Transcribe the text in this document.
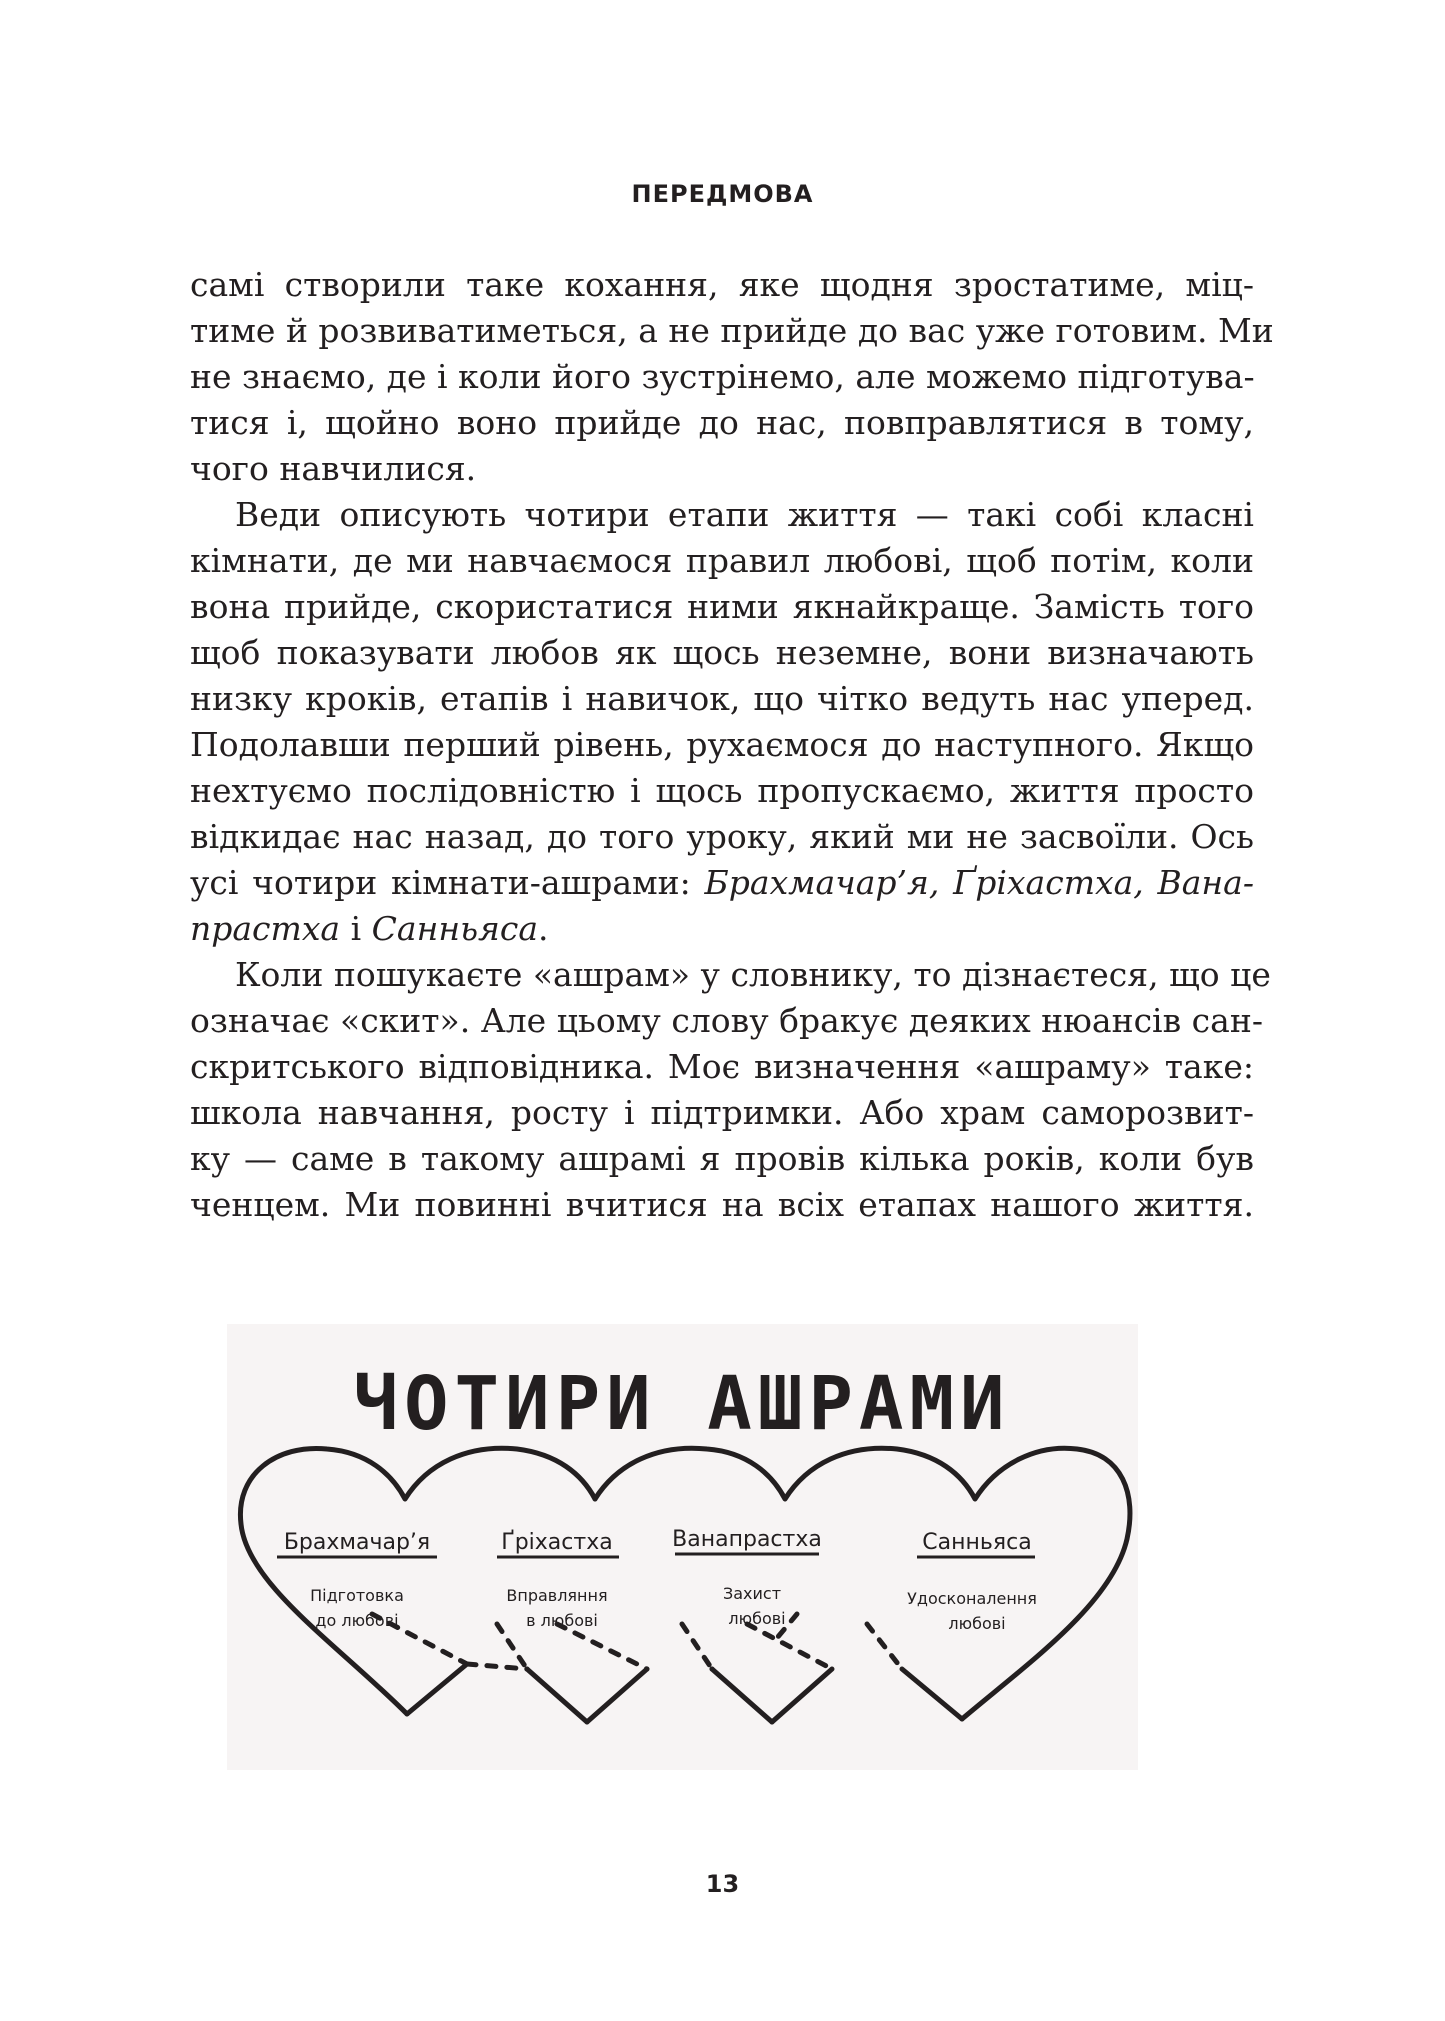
ПЕРЕДМОВА

самі створили таке кохання, яке щодня зростатиме, міц-
тиме й розвиватиметься, а не прийде до вас уже готовим. Ми
не знаємо, де і коли його зустрінемо, але можемо підготува-
тися і, щойно воно прийде до нас, повправлятися в тому,
чого навчилися.

Веди описують чотири етапи життя — такі собі класні
кімнати, де ми навчаємося правил любові, щоб потім, коли
вона прийде, скористатися ними якнайкраще. Замість того
щоб показувати любов як щось неземне, вони визначають
низку кроків, етапів і навичок, що чітко ведуть нас уперед.
Подолавши перший рівень, рухаємося до наступного. Якщо
нехтуємо послідовністю і щось пропускаємо, життя просто
відкидає нас назад, до того уроку, який ми не засвоїли. Ось
усі чотири кімнати-ашрами: Брахмачар’я, Ґріхастха, Вана-
прастха і Санньяса.

Коли пошукаєте «ашрам» у словнику, то дізнаєтеся, що це
означає «скит». Але цьому слову бракує деяких нюансів сан-
скритського відповідника. Моє визначення «ашраму» таке:
школа навчання, росту і підтримки. Або храм саморозвит-
ку — саме в такому ашрамі я провів кілька років, коли був
ченцем. Ми повинні вчитися на всіх етапах нашого життя.

ЧОТИРИ АШРАМИ
Брахмачар’я
Підготовка
до любові
Ґріхастха
Вправляння
в любові
Ванапрастха
Захист
любові
Санньяса
Удосконалення
любові
13
